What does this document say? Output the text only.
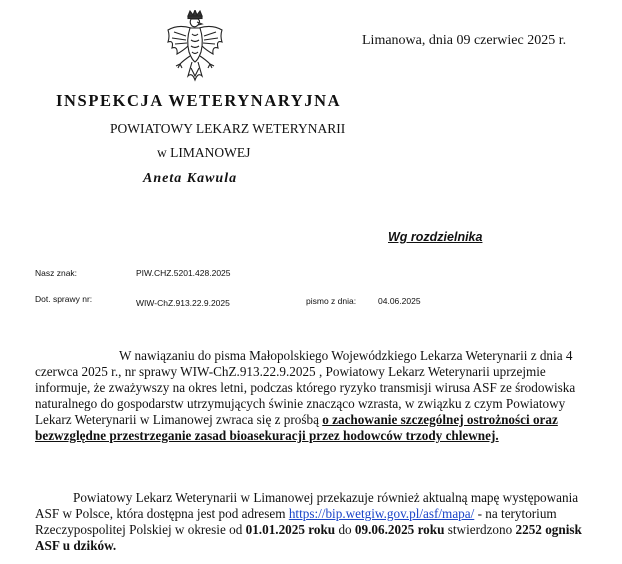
Limanowa, dnia 09 czerwiec 2025 r.
INSPEKCJA WETERYNARYJNA
POWIATOWY LEKARZ WETERYNARII
w LIMANOWEJ
Aneta Kawula
Wg rozdzielnika
Nasz znak:	PIW.CHZ.5201.428.2025
Dot. sprawy nr:	WIW-ChZ.913.22.9.2025	pismo z dnia:	04.06.2025
W nawiązaniu do pisma Małopolskiego Wojewódzkiego Lekarza Weterynarii z dnia 4 czerwca 2025 r., nr sprawy WIW-ChZ.913.22.9.2025 , Powiatowy Lekarz Weterynarii uprzejmie informuje, że zważywszy na okres letni, podczas którego ryzyko transmisji wirusa ASF ze środowiska naturalnego do gospodarstw utrzymujących świnie znacząco wzrasta, w związku z czym Powiatowy Lekarz Weterynarii w Limanowej zwraca się z prośbą o zachowanie szczególnej ostrożności oraz bezwzględne przestrzeganie zasad bioasekuracji przez hodowców trzody chlewnej.
Powiatowy Lekarz Weterynarii w Limanowej przekazuje również aktualną mapę występowania ASF w Polsce, która dostępna jest pod adresem https://bip.wetgiw.gov.pl/asf/mapa/ - na terytorium Rzeczypospolitej Polskiej w okresie od 01.01.2025 roku do 09.06.2025 roku stwierdzono 2252 ognisk ASF u dzików.
